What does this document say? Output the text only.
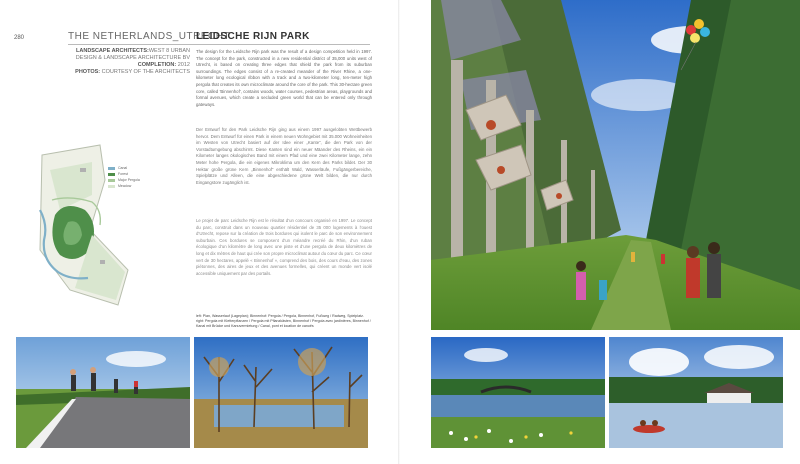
280	THE NETHERLANDS_UTRECHT
LEIDSCHE RIJN PARK
LANDSCAPE ARCHITECTS:WEST 8 URBAN DESIGN & LANDSCAPE ARCHITECTURE BV
COMPLETION: 2012
PHOTOS: COURTESY OF THE ARCHITECTS
The design for the Leidsche Rijn park was the result of a design competition held in 1997. The concept for the park, constructed in a new residential district of 35,000 units west of Utrecht, is based on creating three edges that shield the park from its suburban surroundings. The edges consist of a re-created meander of the River Rhine, a one-kilometer long ecological ribbon with a track and a two-kilometer long, ten-meter high pergola that creates its own microclimate around the core of the park. This 30-hectare green core, called 'Binnenhof', contains woods, water courses, pedestrian areas, playgrounds and formal avenues, which create a secluded green world that can be entered only through gateways.
Der Entwurf für den Park Leidsche Rijn ging aus einem 1997 ausgelobten Wettbewerb hervor. Dem Entwurf für einen Park in einem neuen Wohngebiet mit 35.000 Wohneinheiten im Westen von Utrecht basiert auf der Idee einer „Kante“, die den Park von der Vorstadtumgebung abschirmt. Diese Kanten sind ein neuer Mäander des Rheins, ein ein Kilometer langes ökologisches Band mit einem Pfad und eine zwei Kilometer lange, zehn Meter hohe Pergola, die ein eigenes Mikroklima um den Kern des Parks bildet. Der 30 Hektar große grüne Kern „Binnenhof“ enthält Wald, Wasserläufe, Fußgängerbereiche, Spielplätze und Alleen, die eine abgeschiedene grüne Welt bilden, die nur durch Eingangstore zugänglich ist.
Le projet de parc Leidsche Rijn est le résultat d’un concours organisé en 1997. Le concept du parc, construit dans un nouveau quartier résidentiel de 35 000 logements à l’ouest d’Utrecht, repose sur la création de trois bordures qui isolent le parc de son environnement suburbain. Ces bordures se composent d’un méandre recréé du Rhin, d’un ruban écologique d’un kilomètre de long avec une piste et d’une pergola de deux kilomètres de long et dix mètres de haut qui crée son propre microclimat autour du cœur du parc. Ce cœur vert de 30 hectares, appelé « Binnenhof », comprend des bois, des cours d’eau, des zones piétonnes, des aires de jeux et des avenues formelles, qui créent un monde vert isolé accessible uniquement par des portails.
left: Plan, Wasserlauf (Lageplan); Binnenhof: Pergola / Pergola, Binnenhof, Fußweg / Radweg, Spielplatz. right: Pergola mit Kletterpflanzen / Pergola mit Pflanzkästen, Binnenhof / Pergola avec jardinières, Binnenhof / Kanal mit Brücke und Kanuvermietung / Canal, pont et location de canoës
Canal
Forest
Major Pergola
Meadow
